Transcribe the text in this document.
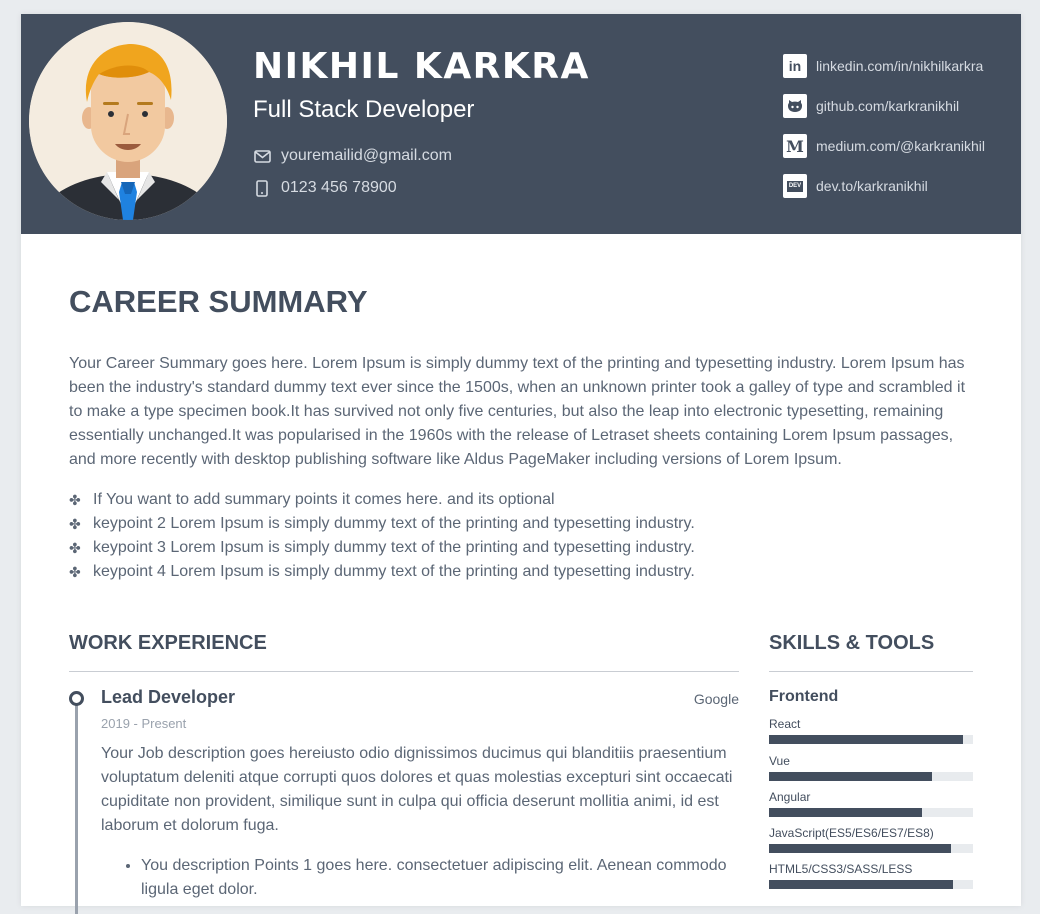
NIKHIL KARKRA
Full Stack Developer
youremailid@gmail.com
0123 456 78900
in	linkedin.com/in/nikhilkarkra
github.com/karkranikhil
M medium.com/@karkranikhil
DEV dev.to/karkranikhil
CAREER SUMMARY

Your Career Summary goes here. Lorem Ipsum is simply dummy text of the printing and typesetting industry. Lorem Ipsum has been the industry's standard dummy text ever since the 1500s, when an unknown printer took a galley of type and scrambled it to make a type specimen book.It has survived not only five centuries, but also the leap into electronic typesetting, remaining essentially unchanged.It was popularised in the 1960s with the release of Letraset sheets containing Lorem Ipsum passages, and more recently with desktop publishing software like Aldus PageMaker including versions of Lorem Ipsum.

✤ If You want to add summary points it comes here. and its optional
✤ keypoint 2 Lorem Ipsum is simply dummy text of the printing and typesetting industry.
✤ keypoint 3 Lorem Ipsum is simply dummy text of the printing and typesetting industry.
✤ keypoint 4 Lorem Ipsum is simply dummy text of the printing and typesetting industry.
WORK EXPERIENCE
Lead Developer	Google
2019 - Present

Your Job description goes hereiusto odio dignissimos ducimus qui blanditiis praesentium voluptatum deleniti atque corrupti quos dolores et quas molestias excepturi sint occaecati cupiditate non provident, similique sunt in culpa qui officia deserunt mollitia animi, id est laborum et dolorum fuga.

• You description Points 1 goes here. consectetuer adipiscing elit. Aenean commodo ligula eget dolor.
SKILLS & TOOLS
Frontend
React
Vue
Angular
JavaScript(ES5/ES6/ES7/ES8)
HTML5/CSS3/SASS/LESS
